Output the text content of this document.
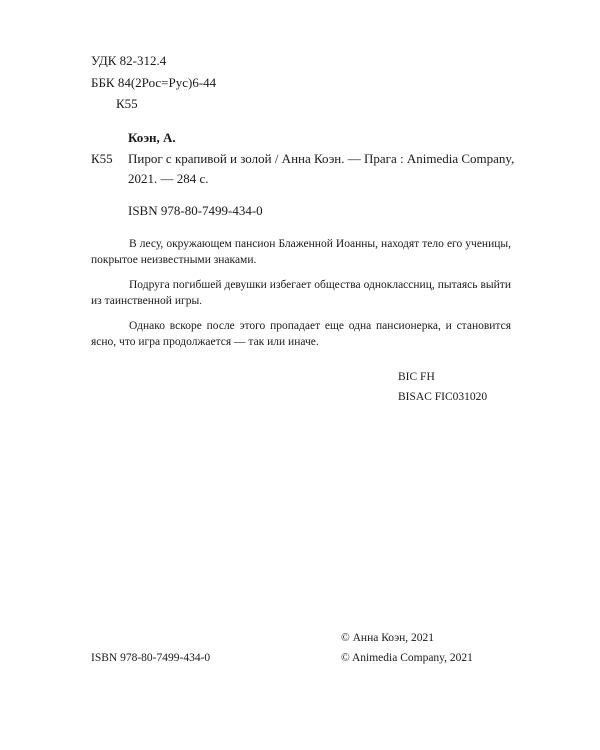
УДК 82-312.4
ББК 84(2Рос=Рус)6-44
К55
Коэн, А.
К55 Пирог с крапивой и золой / Анна Коэн. — Прага : Animedia Company,
2021. — 284 с.
ISBN 978-80-7499-434-0

В лесу, окружающем пансион Блаженной Иоанны, находят тело его ученицы, покрытое неизвестными знаками.

Подруга погибшей девушки избегает общества одноклассниц, пытаясь выйти из таинственной игры.

Однако вскоре после этого пропадает еще одна пансионерка, и становится ясно, что игра продолжается — так или иначе.

BIC FH
BISAC FIC031020
© Анна Коэн, 2021
ISBN 978-80-7499-434-0	© Animedia Company, 2021
